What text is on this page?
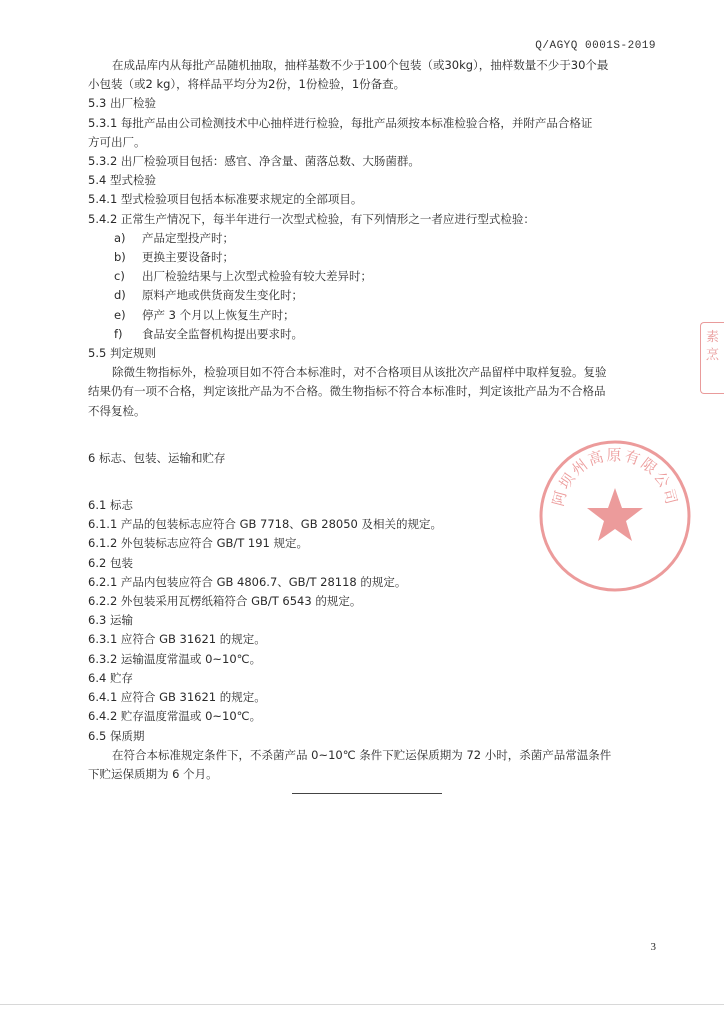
Q/AGYQ 0001S-2019
在成品库内从每批产品随机抽取，抽样基数不少于100个包装（或30kg），抽样数量不少于30个最
小包装（或2 kg），将样品平均分为2份，1份检验，1份备查。
5.3 出厂检验
5.3.1 每批产品由公司检测技术中心抽样进行检验，每批产品须按本标准检验合格，并附产品合格证
方可出厂。
5.3.2 出厂检验项目包括：感官、净含量、菌落总数、大肠菌群。
5.4 型式检验
5.4.1 型式检验项目包括本标准要求规定的全部项目。
5.4.2 正常生产情况下，每半年进行一次型式检验，有下列情形之一者应进行型式检验：
a) 产品定型投产时；
b) 更换主要设备时；
c) 出厂检验结果与上次型式检验有较大差异时；
d) 原料产地或供货商发生变化时；
e) 停产 3 个月以上恢复生产时；
f) 食品安全监督机构提出要求时。
5.5 判定规则
除微生物指标外，检验项目如不符合本标准时，对不合格项目从该批次产品留样中取样复验。复验
结果仍有一项不合格，判定该批产品为不合格。微生物指标不符合本标准时，判定该批产品为不合格品
不得复检。
6 标志、包装、运输和贮存
6.1 标志
6.1.1 产品的包装标志应符合 GB 7718、GB 28050 及相关的规定。
6.1.2 外包装标志应符合 GB/T 191 规定。
6.2 包装
6.2.1 产品内包装应符合 GB 4806.7、GB/T 28118 的规定。
6.2.2 外包装采用瓦楞纸箱符合 GB/T 6543 的规定。
6.3 运输
6.3.1 应符合 GB 31621 的规定。
6.3.2 运输温度常温或 0~10℃。
6.4 贮存
6.4.1 应符合 GB 31621 的规定。
6.4.2 贮存温度常温或 0~10℃。
6.5 保质期
在符合本标准规定条件下，不杀菌产品 0~10℃ 条件下贮运保质期为 72 小时，杀菌产品常温条件
下贮运保质期为 6 个月。
阿坝州高原有限公司
素烹
3
